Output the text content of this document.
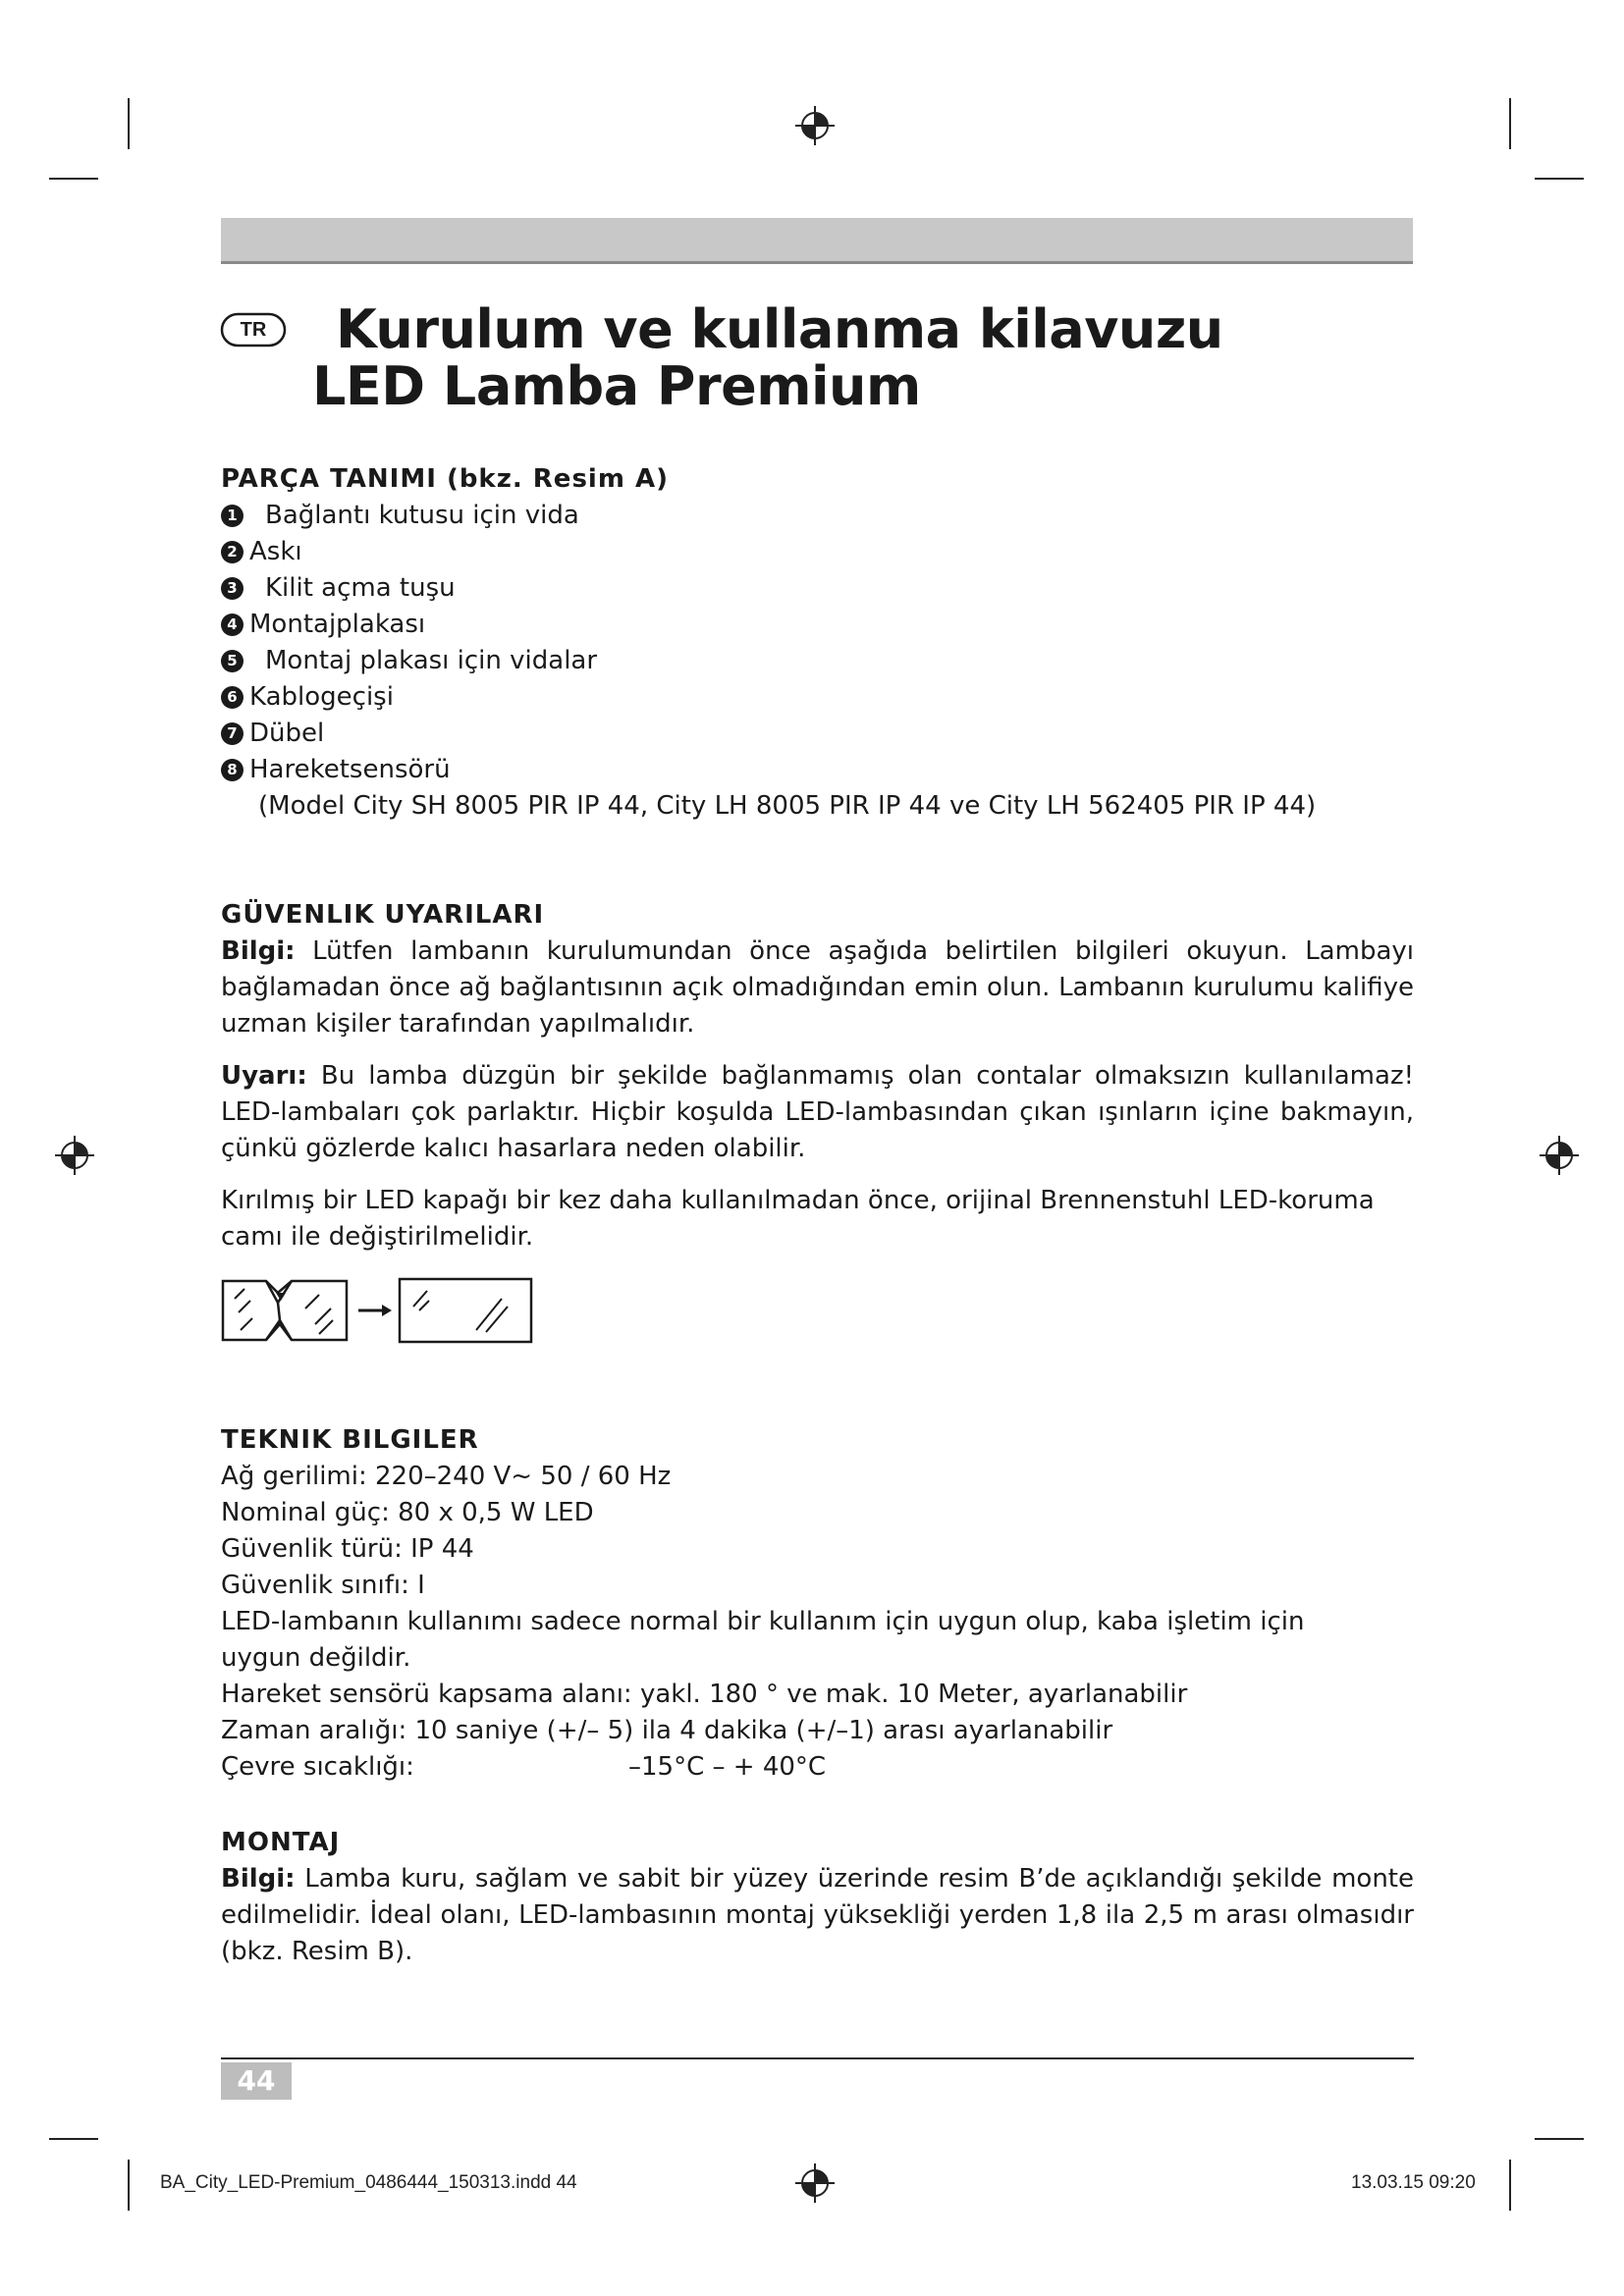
TR	Kurulum ve kullanma kilavuzu
LED Lamba Premium
PARÇA TANIMI (bkz. Resim A)
1 Bağlantı kutusu için vida
2 Askı
3 Kilit açma tuşu
4 Montajplakası
5 Montaj plakası için vidalar
6 Kablogeçişi
7 Dübel
8 Hareketsensörü
(Model City SH 8005 PIR IP 44, City LH 8005 PIR IP 44 ve City LH 562405 PIR IP 44)
GÜVENLIK UYARILARI

Bilgi: Lütfen lambanın kurulumundan önce aşağıda belirtilen bilgileri okuyun. Lambayı bağlamadan önce ağ bağlantısının açık olmadığından emin olun. Lambanın kurulumu kalifiye uzman kişiler tarafından yapılmalıdır.

Uyarı: Bu lamba düzgün bir şekilde bağlanmamış olan contalar olmaksızın kullanılamaz! LED-lambaları çok parlaktır. Hiçbir koşulda LED-lambasından çıkan ışınların içine bakmayın, çünkü gözlerde kalıcı hasarlara neden olabilir.

Kırılmış bir LED kapağı bir kez daha kullanılmadan önce, orijinal Brennenstuhl LED-koruma camı ile değiştirilmelidir.

TEKNIK BILGILER
Ağ gerilimi: 220–240 V~ 50 / 60 Hz
Nominal güç: 80 x 0,5 W LED
Güvenlik türü: IP 44
Güvenlik sınıfı: I
LED-lambanın kullanımı sadece normal bir kullanım için uygun olup, kaba işletim için uygun değildir.
Hareket sensörü kapsama alanı: yakl. 180 ° ve mak. 10 Meter, ayarlanabilir
Zaman aralığı: 10 saniye (+/– 5) ila 4 dakika (+/–1) arası ayarlanabilir
Çevre sıcaklığı:	–15°C – + 40°C
MONTAJ

Bilgi: Lamba kuru, sağlam ve sabit bir yüzey üzerinde resim B’de açıklandığı şekilde monte edilmelidir. İdeal olanı, LED-lambasının montaj yüksekliği yerden 1,8 ila 2,5 m arası olmasıdır (bkz. Resim B).

44
BA_City_LED-Premium_0486444_150313.indd 44	13.03.15 09:20
